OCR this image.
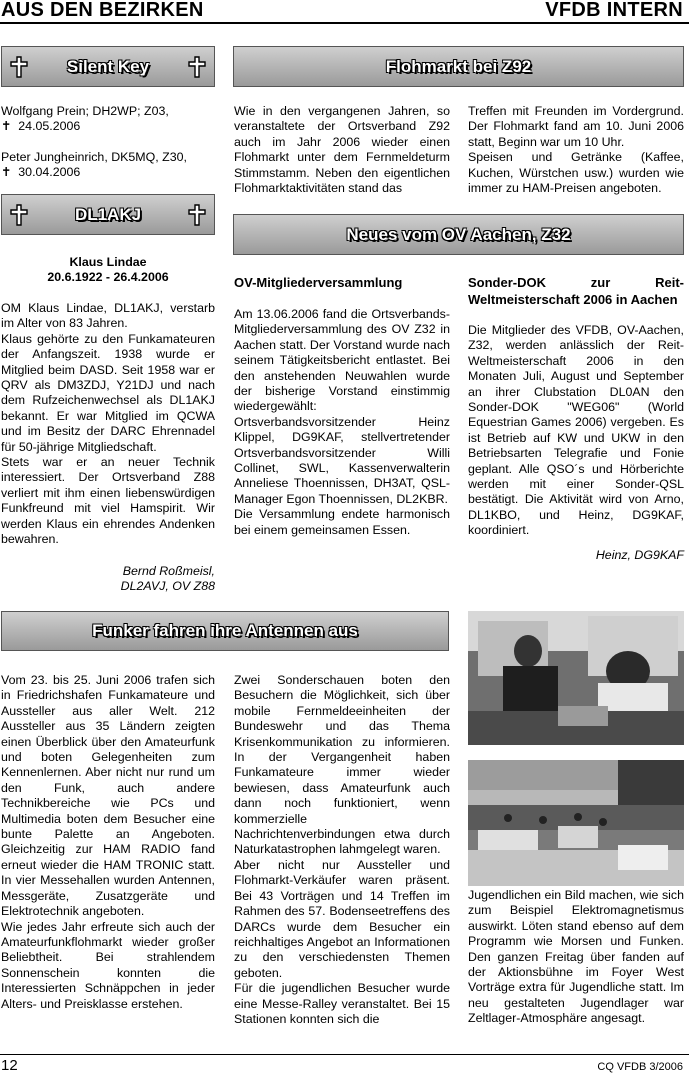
AUS DEN BEZIRKEN	VFDB INTERN
Silent Key
Wolfgang Prein; DH2WP; Z03,
✝ 24.05.2006
Peter Jungheinrich, DK5MQ, Z30,
✝ 30.04.2006
DL1AKJ
Klaus Lindae
20.6.1922 - 26.4.2006
OM Klaus Lindae, DL1AKJ, verstarb im Alter von 83 Jahren.
Klaus gehörte zu den Funkamateuren der Anfangszeit. 1938 wurde er Mitglied beim DASD. Seit 1958 war er QRV als DM3ZDJ, Y21DJ und nach dem Rufzeichenwechsel als DL1AKJ bekannt. Er war Mitglied im QCWA und im Besitz der DARC Ehrennadel für 50-jährige Mitgliedschaft.
Stets war er an neuer Technik interessiert. Der Ortsverband Z88 verliert mit ihm einen liebenswürdigen Funkfreund mit viel Hamspirit. Wir werden Klaus ein ehrendes Andenken bewahren.
Bernd Roßmeisl,
DL2AVJ, OV Z88
Flohmarkt bei Z92
Wie in den vergangenen Jahren, so veranstaltete der Ortsverband Z92 auch im Jahr 2006 wieder einen Flohmarkt unter dem Fernmeldeturm Stimmstamm. Neben den eigentlichen Flohmarktaktivitäten stand das
Treffen mit Freunden im Vordergrund. Der Flohmarkt fand am 10. Juni 2006 statt, Beginn war um 10 Uhr.
Speisen und Getränke (Kaffee, Kuchen, Würstchen usw.) wurden wie immer zu HAM-Preisen angeboten.
Neues vom OV Aachen, Z32
OV-Mitgliederversammlung
Am 13.06.2006 fand die Ortsverbands-Mitgliederversammlung des OV Z32 in Aachen statt. Der Vorstand wurde nach seinem Tätigkeitsbericht entlastet. Bei den anstehenden Neuwahlen wurde der bisherige Vorstand einstimmig wiedergewählt: Ortsverbandsvorsitzender Heinz Klippel, DG9KAF, stellvertretender Ortsverbandsvorsitzender Willi Collinet, SWL, Kassenverwalterin Anneliese Thoennissen, DH3AT, QSL-Manager Egon Thoennissen, DL2KBR.
Die Versammlung endete harmonisch bei einem gemeinsamen Essen.
Sonder-DOK zur Reit-Weltmeisterschaft 2006 in Aachen
Die Mitglieder des VFDB, OV-Aachen, Z32, werden anlässlich der Reit-Weltmeisterschaft 2006 in den Monaten Juli, August und September an ihrer Clubstation DL0AN den Sonder-DOK "WEG06" (World Equestrian Games 2006) vergeben. Es ist Betrieb auf KW und UKW in den Betriebsarten Telegrafie und Fonie geplant. Alle QSO´s und Hörberichte werden mit einer Sonder-QSL bestätigt. Die Aktivität wird von Arno, DL1KBO, und Heinz, DG9KAF, koordiniert.
Heinz, DG9KAF
Funker fahren ihre Antennen aus
Vom 23. bis 25. Juni 2006 trafen sich in Friedrichshafen Funkamateure und Aussteller aus aller Welt. 212 Aussteller aus 35 Ländern zeigten einen Überblick über den Amateurfunk und boten Gelegenheiten zum Kennenlernen. Aber nicht nur rund um den Funk, auch andere Technikbereiche wie PCs und Multimedia boten dem Besucher eine bunte Palette an Angeboten. Gleichzeitig zur HAM RADIO fand erneut wieder die HAM TRONIC statt. In vier Messehallen wurden Antennen, Messgeräte, Zusatzgeräte und Elektrotechnik angeboten.
Wie jedes Jahr erfreute sich auch der Amateurfunkflohmarkt wieder großer Beliebtheit. Bei strahlendem Sonnenschein konnten die Interessierten Schnäppchen in jeder Alters- und Preisklasse erstehen.
Zwei Sonderschauen boten den Besuchern die Möglichkeit, sich über mobile Fernmeldeeinheiten der Bundeswehr und das Thema Krisenkommunikation zu informieren. In der Vergangenheit haben Funkamateure immer wieder bewiesen, dass Amateurfunk auch dann noch funktioniert, wenn kommerzielle Nachrichtenverbindungen etwa durch Naturkatastrophen lahmgelegt waren.
Aber nicht nur Aussteller und Flohmarkt-Verkäufer waren präsent. Bei 43 Vorträgen und 14 Treffen im Rahmen des 57. Bodenseetreffens des DARCs wurde dem Besucher ein reichhaltiges Angebot an Informationen zu den verschiedensten Themen geboten.
Für die jugendlichen Besucher wurde eine Messe-Ralley veranstaltet. Bei 15 Stationen konnten sich die
Jugendlichen ein Bild machen, wie sich zum Beispiel Elektromagnetismus auswirkt. Löten stand ebenso auf dem Programm wie Morsen und Funken. Den ganzen Freitag über fanden auf der Aktionsbühne im Foyer West Vorträge extra für Jugendliche statt. Im neu gestalteten Jugendlager war Zeltlager-Atmosphäre angesagt.
12	CQ VFDB 3/2006
